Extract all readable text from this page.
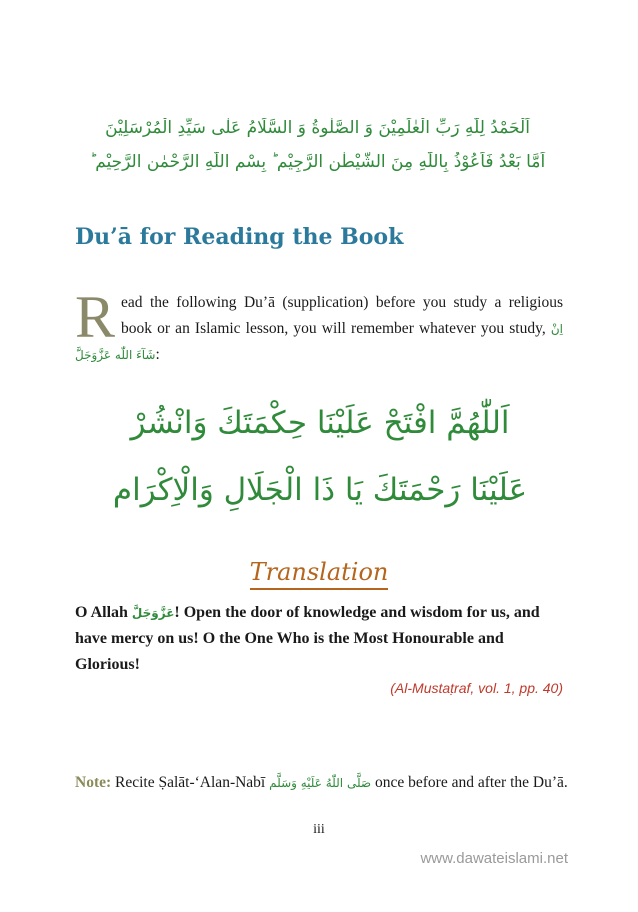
اَلْحَمْدُ لِلّٰهِ رَبِّ الْعٰلَمِيْنَ وَ الصَّلٰوةُ وَ السَّلَامُ عَلٰى سَيِّدِ الْمُرْسَلِيْنَ
اَمَّا بَعْدُ فَاَعُوْذُ بِاللّٰهِ مِنَ الشَّيْطٰنِ الرَّجِيْمِ ؕ بِسْمِ اللّٰهِ الرَّحْمٰنِ الرَّحِيْمِ ؕ
Du’ā for Reading the Book
Read the following Du’ā (supplication) before you study a religious book or an Islamic lesson, you will remember whatever you study, اِنْ شَآءَ اللّٰه عَزَّوَجَلَّ:
اَللّٰهُمَّ افْتَحْ عَلَيْنَا حِكْمَتَكَ وَانْشُرْ
عَلَيْنَا رَحْمَتَكَ يَا ذَا الْجَلَالِ وَالْاِكْرَام
Translation
O Allah عَزَّوَجَلَّ! Open the door of knowledge and wisdom for us, and have mercy on us! O the One Who is the Most Honourable and Glorious!
(Al-Mustaṭraf, vol. 1, pp. 40)
Note: Recite Ṣalāt-‘Alan-Nabī صَلَّى اللّٰهُ عَلَيْهِ وَسَلَّم once before and after the Du’ā.
iii
www.dawateislami.net
